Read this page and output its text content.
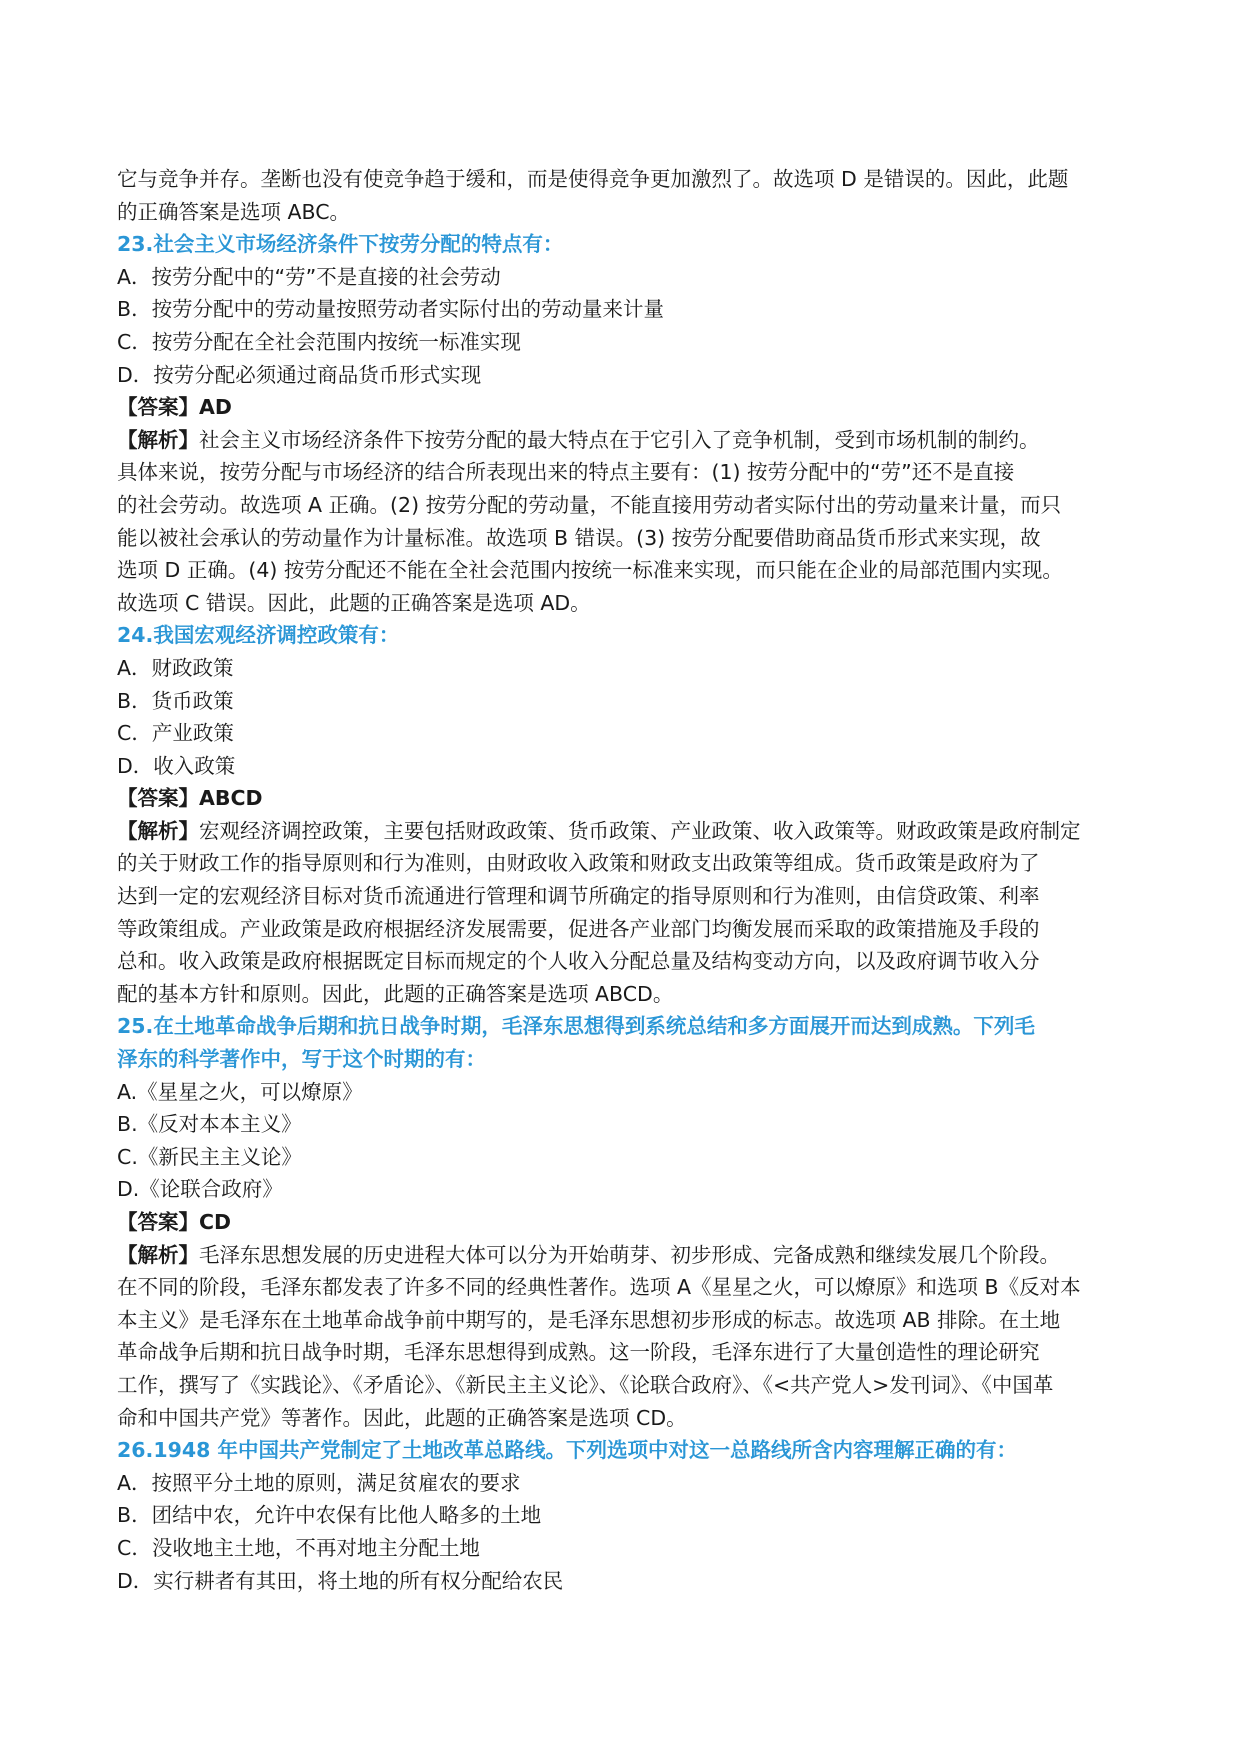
它与竞争并存。垄断也没有使竞争趋于缓和，而是使得竞争更加激烈了。故选项 D 是错误的。因此，此题
的正确答案是选项 ABC。
23.社会主义市场经济条件下按劳分配的特点有：
A．按劳分配中的“劳”不是直接的社会劳动
B．按劳分配中的劳动量按照劳动者实际付出的劳动量来计量
C．按劳分配在全社会范围内按统一标准实现
D．按劳分配必须通过商品货币形式实现
【答案】AD
【解析】社会主义市场经济条件下按劳分配的最大特点在于它引入了竞争机制，受到市场机制的制约。
具体来说，按劳分配与市场经济的结合所表现出来的特点主要有：(1) 按劳分配中的“劳”还不是直接
的社会劳动。故选项 A 正确。(2) 按劳分配的劳动量，不能直接用劳动者实际付出的劳动量来计量，而只
能以被社会承认的劳动量作为计量标准。故选项 B 错误。(3) 按劳分配要借助商品货币形式来实现，故
选项 D 正确。(4) 按劳分配还不能在全社会范围内按统一标准来实现，而只能在企业的局部范围内实现。
故选项 C 错误。因此，此题的正确答案是选项 AD。
24.我国宏观经济调控政策有：
A．财政政策
B．货币政策
C．产业政策
D．收入政策
【答案】ABCD
【解析】宏观经济调控政策，主要包括财政政策、货币政策、产业政策、收入政策等。财政政策是政府制定
的关于财政工作的指导原则和行为准则，由财政收入政策和财政支出政策等组成。货币政策是政府为了
达到一定的宏观经济目标对货币流通进行管理和调节所确定的指导原则和行为准则，由信贷政策、利率
等政策组成。产业政策是政府根据经济发展需要，促进各产业部门均衡发展而采取的政策措施及手段的
总和。收入政策是政府根据既定目标而规定的个人收入分配总量及结构变动方向，以及政府调节收入分
配的基本方针和原则。因此，此题的正确答案是选项 ABCD。
25.在土地革命战争后期和抗日战争时期，毛泽东思想得到系统总结和多方面展开而达到成熟。下列毛
泽东的科学著作中，写于这个时期的有：
A.《星星之火，可以燎原》
B.《反对本本主义》
C.《新民主主义论》
D.《论联合政府》
【答案】CD
【解析】毛泽东思想发展的历史进程大体可以分为开始萌芽、初步形成、完备成熟和继续发展几个阶段。
在不同的阶段，毛泽东都发表了许多不同的经典性著作。选项 A《星星之火，可以燎原》和选项 B《反对本
本主义》是毛泽东在土地革命战争前中期写的，是毛泽东思想初步形成的标志。故选项 AB 排除。在土地
革命战争后期和抗日战争时期，毛泽东思想得到成熟。这一阶段，毛泽东进行了大量创造性的理论研究
工作，撰写了《实践论》、《矛盾论》、《新民主主义论》、《论联合政府》、《<共产党人>发刊词》、《中国革
命和中国共产党》等著作。因此，此题的正确答案是选项 CD。
26.1948 年中国共产党制定了土地改革总路线。下列选项中对这一总路线所含内容理解正确的有：
A．按照平分土地的原则，满足贫雇农的要求
B．团结中农，允许中农保有比他人略多的土地
C．没收地主土地，不再对地主分配土地
D．实行耕者有其田，将土地的所有权分配给农民
